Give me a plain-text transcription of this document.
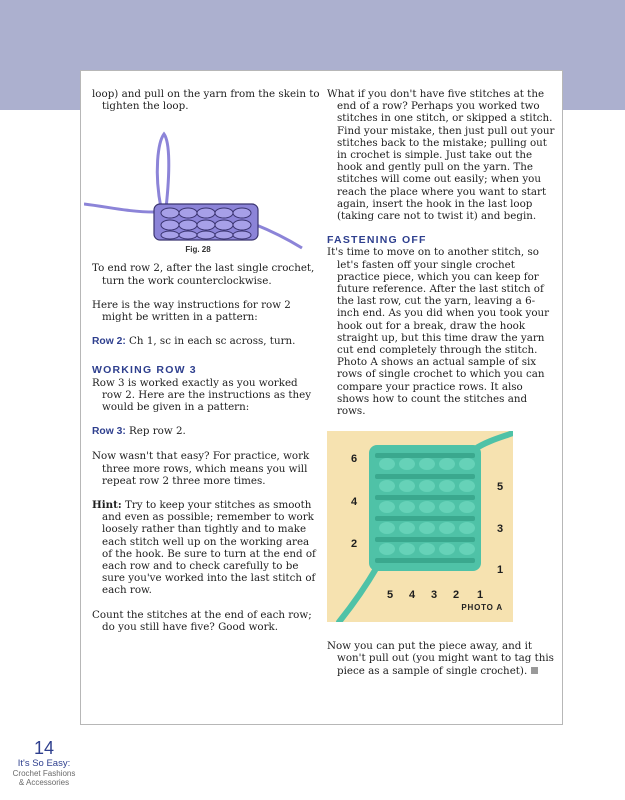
loop) and pull on the yarn from the skein to tighten the loop.

Fig. 28

To end row 2, after the last single crochet, turn the work counterclockwise.

Here is the way instructions for row 2 might be written in a pattern:

Row 2: Ch 1, sc in each sc across, turn.

WORKING ROW 3

Row 3 is worked exactly as you worked row 2. Here are the instructions as they would be given in a pattern:

Row 3: Rep row 2.

Now wasn't that easy? For practice, work three more rows, which means you will repeat row 2 three more times.

Hint: Try to keep your stitches as smooth and even as possible; remember to work loosely rather than tightly and to make each stitch well up on the working area of the hook. Be sure to turn at the end of each row and to check carefully to be sure you've worked into the last stitch of each row.

Count the stitches at the end of each row; do you still have five? Good work.

What if you don't have five stitches at the end of a row? Perhaps you worked two stitches in one stitch, or skipped a stitch. Find your mistake, then just pull out your stitches back to the mistake; pulling out in crochet is simple. Just take out the hook and gently pull on the yarn. The stitches will come out easily; when you reach the place where you want to start again, insert the hook in the last loop (taking care not to twist it) and begin.

FASTENING OFF

It's time to move on to another stitch, so let's fasten off your single crochet practice piece, which you can keep for future reference. After the last stitch of the last row, cut the yarn, leaving a 6-inch end. As you did when you took your hook out for a break, draw the hook straight up, but this time draw the yarn cut end completely through the stitch. Photo A shows an actual sample of six rows of single crochet to which you can compare your practice rows. It also shows how to count the stitches and rows.

6
4
2
5
3
1
5 4 3 2 1
PHOTO A

Now you can put the piece away, and it won't pull out (you might want to tag this piece as a sample of single crochet).

14
It's So Easy:
Crochet Fashions
& Accessories
